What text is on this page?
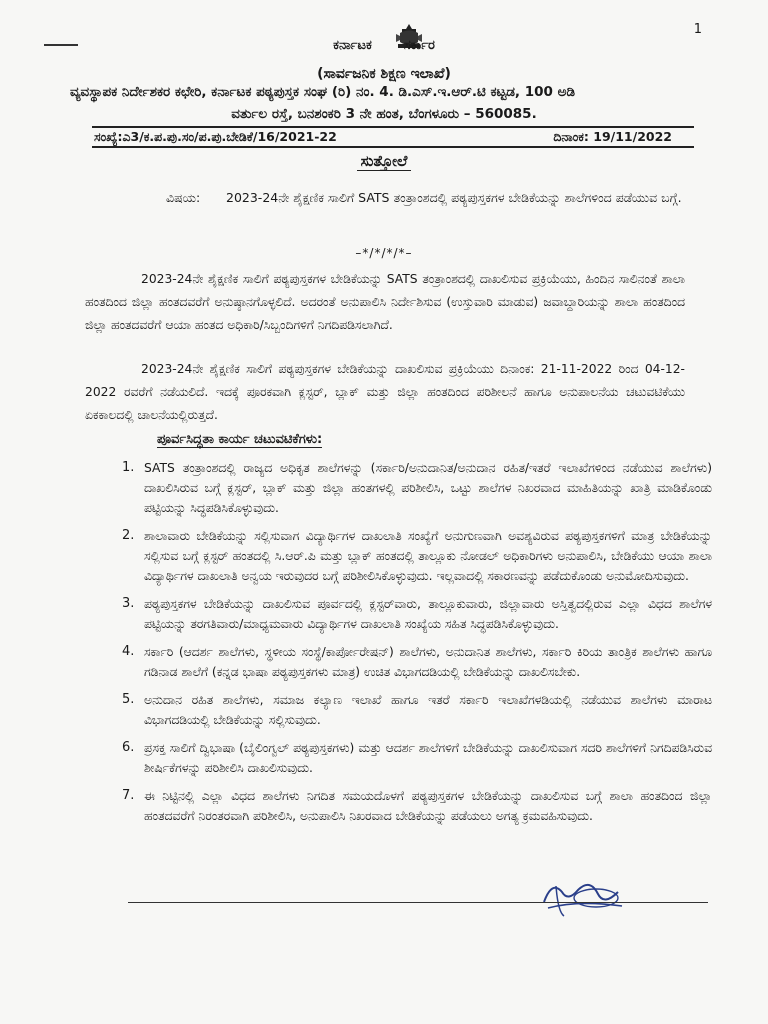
1
ಕರ್ನಾಟಕ ಸರ್ಕಾರ
(ಸಾರ್ವಜನಿಕ ಶಿಕ್ಷಣ ಇಲಾಖೆ)
ವ್ಯವಸ್ಥಾಪಕ ನಿರ್ದೇಶಕರ ಕಛೇರಿ, ಕರ್ನಾಟಕ ಪಠ್ಯಪುಸ್ತಕ ಸಂಘ (ರಿ) ನಂ. 4. ಡಿ.ಎಸ್.ಇ.ಆರ್.ಟಿ ಕಟ್ಟಡ, 100 ಅಡಿ
ವರ್ತುಲ ರಸ್ತೆ, ಬನಶಂಕರಿ 3 ನೇ ಹಂತ, ಬೆಂಗಳೂರು – 560085.
ಸಂಖ್ಯೆ:ಎ3/ಕ.ಪ.ಪು.ಸಂ/ಪ.ಪು.ಬೇಡಿಕೆ/16/2021-22	ದಿನಾಂಕ: 19/11/2022
ಸುತ್ತೋಲೆ
ವಿಷಯ: 2023-24ನೇ ಶೈಕ್ಷಣಿಕ ಸಾಲಿಗೆ SATS ತಂತ್ರಾಂಶದಲ್ಲಿ ಪಠ್ಯಪುಸ್ತಕಗಳ ಬೇಡಿಕೆಯನ್ನು ಶಾಲೆಗಳಿಂದ ಪಡೆಯುವ ಬಗ್ಗೆ.
–*/*/*/*–
2023-24ನೇ ಶೈಕ್ಷಣಿಕ ಸಾಲಿಗೆ ಪಠ್ಯಪುಸ್ತಕಗಳ ಬೇಡಿಕೆಯನ್ನು SATS ತಂತ್ರಾಂಶದಲ್ಲಿ ದಾಖಲಿಸುವ ಪ್ರಕ್ರಿಯೆಯು, ಹಿಂದಿನ ಸಾಲಿನಂತೆ ಶಾಲಾ ಹಂತದಿಂದ ಜಿಲ್ಲಾ ಹಂತದವರೆಗೆ ಅನುಷ್ಠಾನಗೊಳ್ಳಲಿದೆ. ಅದರಂತೆ ಅನುಪಾಲಿಸಿ ನಿರ್ದೇಶಿಸುವ (ಉಸ್ತುವಾರಿ ಮಾಡುವ) ಜವಾಬ್ದಾರಿಯನ್ನು ಶಾಲಾ ಹಂತದಿಂದ ಜಿಲ್ಲಾ ಹಂತದವರೆಗೆ ಆಯಾ ಹಂತದ ಅಧಿಕಾರಿ/ಸಿಬ್ಬಂದಿಗಳಿಗೆ ನಿಗದಿಪಡಿಸಲಾಗಿದೆ.
2023-24ನೇ ಶೈಕ್ಷಣಿಕ ಸಾಲಿಗೆ ಪಠ್ಯಪುಸ್ತಕಗಳ ಬೇಡಿಕೆಯನ್ನು ದಾಖಲಿಸುವ ಪ್ರಕ್ರಿಯೆಯು ದಿನಾಂಕ: 21-11-2022 ರಿಂದ 04-12-2022 ರವರೆಗೆ ನಡೆಯಲಿದೆ. ಇದಕ್ಕೆ ಪೂರಕವಾಗಿ ಕ್ಲಸ್ಟರ್, ಬ್ಲಾಕ್ ಮತ್ತು ಜಿಲ್ಲಾ ಹಂತದಿಂದ ಪರಿಶೀಲನೆ ಹಾಗೂ ಅನುಪಾಲನೆಯ ಚಟುವಟಿಕೆಯು ಏಕಕಾಲದಲ್ಲಿ ಚಾಲನೆಯಲ್ಲಿರುತ್ತದೆ.
ಪೂರ್ವಸಿದ್ಧತಾ ಕಾರ್ಯ ಚಟುವಟಿಕೆಗಳು:
1. SATS ತಂತ್ರಾಂಶದಲ್ಲಿ ರಾಜ್ಯದ ಅಧಿಕೃತ ಶಾಲೆಗಳನ್ನು (ಸರ್ಕಾರಿ/ಅನುದಾನಿತ/ಅನುದಾನ ರಹಿತ/ಇತರೆ ಇಲಾಖೆಗಳಿಂದ ನಡೆಯುವ ಶಾಲೆಗಳು) ದಾಖಲಿಸಿರುವ ಬಗ್ಗೆ ಕ್ಲಸ್ಟರ್, ಬ್ಲಾಕ್ ಮತ್ತು ಜಿಲ್ಲಾ ಹಂತಗಳಲ್ಲಿ ಪರಿಶೀಲಿಸಿ, ಒಟ್ಟು ಶಾಲೆಗಳ ನಿಖರವಾದ ಮಾಹಿತಿಯನ್ನು ಖಾತ್ರಿ ಮಾಡಿಕೊಂಡು ಪಟ್ಟಿಯನ್ನು ಸಿದ್ಧಪಡಿಸಿಕೊಳ್ಳುವುದು.
2. ಶಾಲಾವಾರು ಬೇಡಿಕೆಯನ್ನು ಸಲ್ಲಿಸುವಾಗ ವಿದ್ಯಾರ್ಥಿಗಳ ದಾಖಲಾತಿ ಸಂಖ್ಯೆಗೆ ಅನುಗುಣವಾಗಿ ಅವಶ್ಯವಿರುವ ಪಠ್ಯಪುಸ್ತಕಗಳಿಗೆ ಮಾತ್ರ ಬೇಡಿಕೆಯನ್ನು ಸಲ್ಲಿಸುವ ಬಗ್ಗೆ ಕ್ಲಸ್ಟರ್ ಹಂತದಲ್ಲಿ ಸಿ.ಆರ್.ಪಿ ಮತ್ತು ಬ್ಲಾಕ್ ಹಂತದಲ್ಲಿ ತಾಲ್ಲೂಕು ನೋಡಲ್ ಅಧಿಕಾರಿಗಳು ಅನುಪಾಲಿಸಿ, ಬೇಡಿಕೆಯು ಆಯಾ ಶಾಲಾ ವಿದ್ಯಾರ್ಥಿಗಳ ದಾಖಲಾತಿ ಅನ್ವಯ ಇರುವುದರ ಬಗ್ಗೆ ಪರಿಶೀಲಿಸಿಕೊಳ್ಳುವುದು. ಇಲ್ಲವಾದಲ್ಲಿ ಸಕಾರಣವನ್ನು ಪಡೆದುಕೊಂಡು ಅನುಮೋದಿಸುವುದು.
3. ಪಠ್ಯಪುಸ್ತಕಗಳ ಬೇಡಿಕೆಯನ್ನು ದಾಖಲಿಸುವ ಪೂರ್ವದಲ್ಲಿ ಕ್ಲಸ್ಟರ್‌ವಾರು, ತಾಲ್ಲೂಕುವಾರು, ಜಿಲ್ಲಾವಾರು ಅಸ್ತಿತ್ವದಲ್ಲಿರುವ ಎಲ್ಲಾ ವಿಧದ ಶಾಲೆಗಳ ಪಟ್ಟಿಯನ್ನು ತರಗತಿವಾರು/ಮಾಧ್ಯಮವಾರು ವಿದ್ಯಾರ್ಥಿಗಳ ದಾಖಲಾತಿ ಸಂಖ್ಯೆಯ ಸಹಿತ ಸಿದ್ಧಪಡಿಸಿಕೊಳ್ಳುವುದು.
4. ಸರ್ಕಾರಿ (ಆದರ್ಶ ಶಾಲೆಗಳು, ಸ್ಥಳೀಯ ಸಂಸ್ಥೆ/ಕಾರ್ಪೋರೇಷನ್) ಶಾಲೆಗಳು, ಅನುದಾನಿತ ಶಾಲೆಗಳು, ಸರ್ಕಾರಿ ಕಿರಿಯ ತಾಂತ್ರಿಕ ಶಾಲೆಗಳು ಹಾಗೂ ಗಡಿನಾಡ ಶಾಲೆಗೆ (ಕನ್ನಡ ಭಾಷಾ ಪಠ್ಯಪುಸ್ತಕಗಳು ಮಾತ್ರ) ಉಚಿತ ವಿಭಾಗದಡಿಯಲ್ಲಿ ಬೇಡಿಕೆಯನ್ನು ದಾಖಲಿಸಬೇಕು.
5. ಅನುದಾನ ರಹಿತ ಶಾಲೆಗಳು, ಸಮಾಜ ಕಲ್ಯಾಣ ಇಲಾಖೆ ಹಾಗೂ ಇತರೆ ಸರ್ಕಾರಿ ಇಲಾಖೆಗಳಡಿಯಲ್ಲಿ ನಡೆಯುವ ಶಾಲೆಗಳು ಮಾರಾಟ ವಿಭಾಗದಡಿಯಲ್ಲಿ ಬೇಡಿಕೆಯನ್ನು ಸಲ್ಲಿಸುವುದು.
6. ಪ್ರಸಕ್ತ ಸಾಲಿಗೆ ದ್ವಿಭಾಷಾ (ಬೈಲಿಂಗ್ವಲ್ ಪಠ್ಯಪುಸ್ತಕಗಳು) ಮತ್ತು ಆದರ್ಶ ಶಾಲೆಗಳಿಗೆ ಬೇಡಿಕೆಯನ್ನು ದಾಖಲಿಸುವಾಗ ಸದರಿ ಶಾಲೆಗಳಿಗೆ ನಿಗದಿಪಡಿಸಿರುವ ಶೀರ್ಷಿಕೆಗಳನ್ನು ಪರಿಶೀಲಿಸಿ ದಾಖಲಿಸುವುದು.
7. ಈ ನಿಟ್ಟಿನಲ್ಲಿ ಎಲ್ಲಾ ವಿಧದ ಶಾಲೆಗಳು ನಿಗದಿತ ಸಮಯದೊಳಗೆ ಪಠ್ಯಪುಸ್ತಕಗಳ ಬೇಡಿಕೆಯನ್ನು ದಾಖಲಿಸುವ ಬಗ್ಗೆ ಶಾಲಾ ಹಂತದಿಂದ ಜಿಲ್ಲಾ ಹಂತದವರೆಗೆ ನಿರಂತರವಾಗಿ ಪರಿಶೀಲಿಸಿ, ಅನುಪಾಲಿಸಿ ನಿಖರವಾದ ಬೇಡಿಕೆಯನ್ನು ಪಡೆಯಲು ಅಗತ್ಯ ಕ್ರಮವಹಿಸುವುದು.
